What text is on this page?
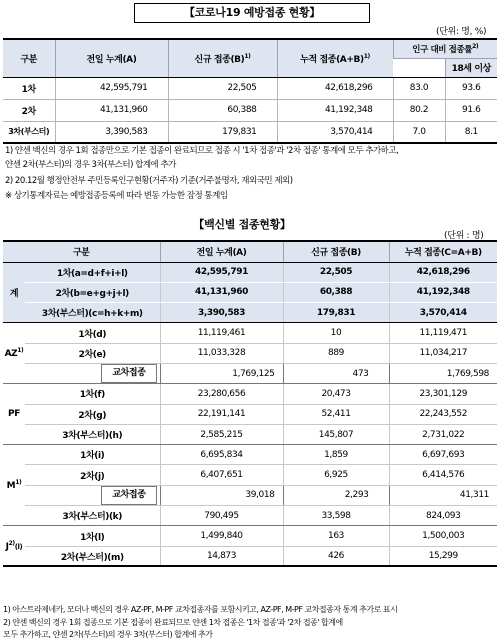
【코로나19 예방접종 현황】
(단위: 명, %)
구분	전일 누계(A)	신규 접종$(B)^{1)}$	누적 접종$(A+B)^{1)}$	인구 대비 접종률$^{2)}$
					18세 이상
1차	42,595,791	22,505	42,618,296	83.0	93.6
2차	41,131,960	60,388	41,192,348	80.2	91.6
3차(부스터)	3,390,583	179,831	3,570,414	7.0	8.1
1) 얀센 백신의 경우 1회 접종만으로 기본 접종이 완료되므로 접종 시 '1차 접종'과 '2차 접종' 통계에 모두 추가하고,
얀센 2차(부스터)의 경우 3차(부스터) 합계에 추가
2) 20.12월 행정안전부 주민등록인구현황(거주자) 기준(거주불명자, 재외국민 제외)
※ 상기통계자료는 예방접종등록에 따라 변동 가능한 잠정 통계임
【백신별 접종현황】
(단위 : 명)
구분		전일 누계(A)	신규 접종(B)	누적 접종(C=A+B)
계	1차(a=d+f+i+l)	42,595,791	22,505	42,618,296
	2차(b=e+g+j+l)	41,131,960	60,388	41,192,348
	3차(부스터)(c=h+k+m)	3,390,583	179,831	3,570,414
AZ$^{1)}$	1차(d)	11,119,461	10	11,119,471
	2차(e)	11,033,328	889	11,034,217
	교차접종	1,769,125	473	1,769,598
PF	1차(f)	23,280,656	20,473	23,301,129
	2차(g)	22,191,141	52,411	22,243,552
	3차(부스터)(h)	2,585,215	145,807	2,731,022
$M^{1)}$	1차(i)	6,695,834	1,859	6,697,693
	2차(j)	6,407,651	6,925	6,414,576
	교차접종	39,018	2,293	41,311
	3차(부스터)(k)	790,495	33,598	824,093
$J^{2)}(l)$	1차(l)	1,499,840	163	1,500,003
	2차(부스터)(m)	14,873	426	15,299
1) 아스트라제네카, 모더나 백신의 경우 AZ-PF, M-PF 교차접종자를 포함시키고, AZ-PF, M-PF 교차접종자 통계 추가로 표시
2) 얀센 백신의 경우 1회 접종으로 기본 접종이 완료되므로 얀센 1차 접종은 '1차 접종'과 '2차 접종' 합계에
모두 추가하고, 얀센 2차(부스터)의 경우 3차(부스터) 합계에 추가
